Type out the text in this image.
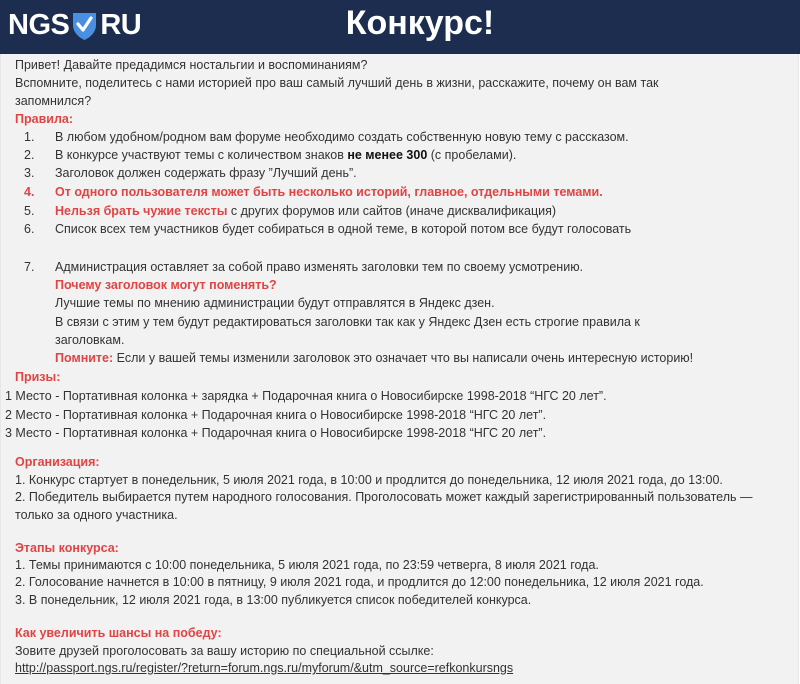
NGS RU	Конкурс!
Привет! Давайте предадимся ностальгии и воспоминаниям?
Вспомните, поделитесь с нами историей про ваш самый лучший день в жизни, расскажите, почему он вам так
запомнился?
Правила:
1. В любом удобном/родном вам форуме необходимо создать собственную новую тему с рассказом.
2. В конкурсе участвуют темы с количеством знаков не менее 300 (с пробелами).
3. Заголовок должен содержать фразу ”Лучший день”.
4. От одного пользователя может быть несколько историй, главное, отдельными темами.
5. Нельзя брать чужие тексты с других форумов или сайтов (иначе дисквалификация)
6. Список всех тем участников будет собираться в одной теме, в которой потом все будут голосовать
7. Администрация оставляет за собой право изменять заголовки тем по своему усмотрению.
Почему заголовок могут поменять?
Лучшие темы по мнению администрации будут отправлятся в Яндекс дзен.
В связи с этим у тем будут редактироваться заголовки так как у Яндекс Дзен есть строгие правила к
заголовкам.
Помните: Если у вашей темы изменили заголовок это означает что вы написали очень интересную историю!
Призы:
1 Место - Портативная колонка + зарядка + Подарочная книга о Новосибирске 1998-2018 “НГС 20 лет”.
2 Место - Портативная колонка + Подарочная книга о Новосибирске 1998-2018 “НГС 20 лет”.
3 Место - Портативная колонка + Подарочная книга о Новосибирске 1998-2018 “НГС 20 лет”.
Организация:
1. Конкурс стартует в понедельник, 5 июля 2021 года, в 10:00 и продлится до понедельника, 12 июля 2021 года, до 13:00.
2. Победитель выбирается путем народного голосования. Проголосовать может каждый зарегистрированный пользователь —
только за одного участника.
Этапы конкурса:
1. Темы принимаются с 10:00 понедельника, 5 июля 2021 года, по 23:59 четверга, 8 июля 2021 года.
2. Голосование начнется в 10:00 в пятницу, 9 июля 2021 года, и продлится до 12:00 понедельника, 12 июля 2021 года.
3. В понедельник, 12 июля 2021 года, в 13:00 публикуется список победителей конкурса.
Как увеличить шансы на победу:
Зовите друзей проголосовать за вашу историю по специальной ссылке:
http://passport.ngs.ru/register/?return=forum.ngs.ru/myforum/&utm_source=refkonkursngs
